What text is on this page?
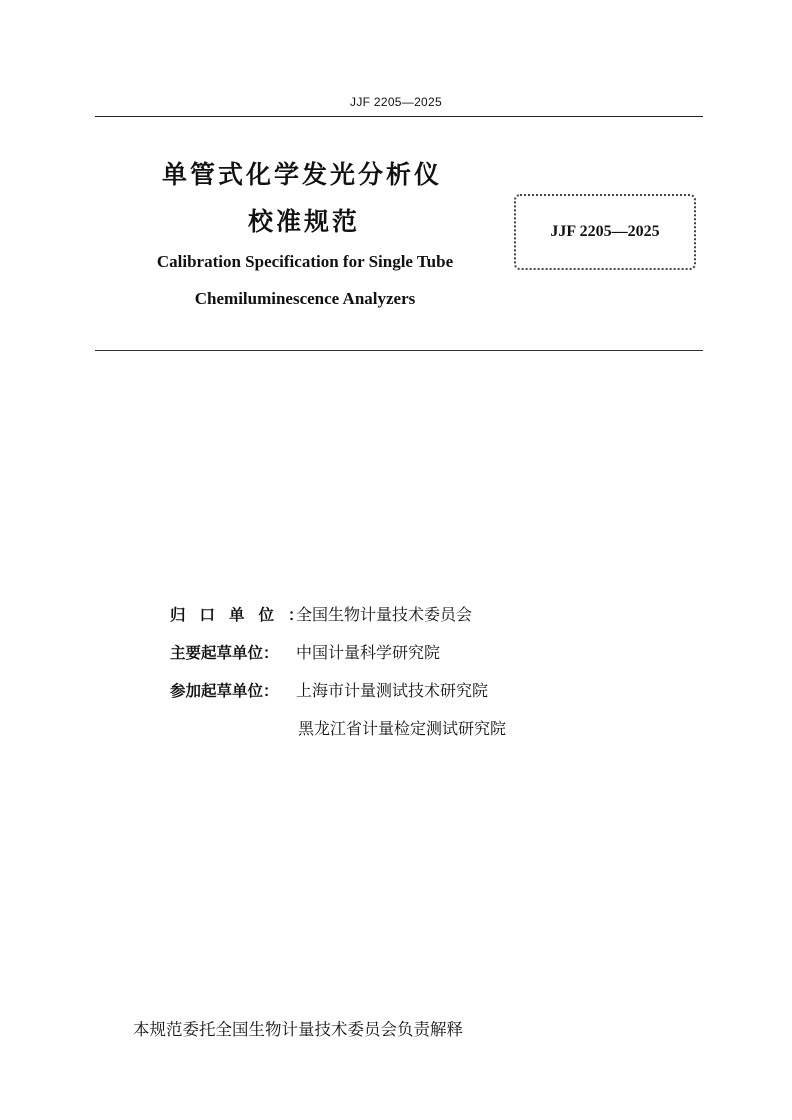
JJF 2205—2025
单管式化学发光分析仪
校准规范
Calibration Specification for Single Tube
Chemiluminescence Analyzers
JJF 2205—2025
归口单位：全国生物计量技术委员会
主要起草单位： 中国计量科学研究院
参加起草单位： 上海市计量测试技术研究院
黑龙江省计量检定测试研究院
本规范委托全国生物计量技术委员会负责解释
